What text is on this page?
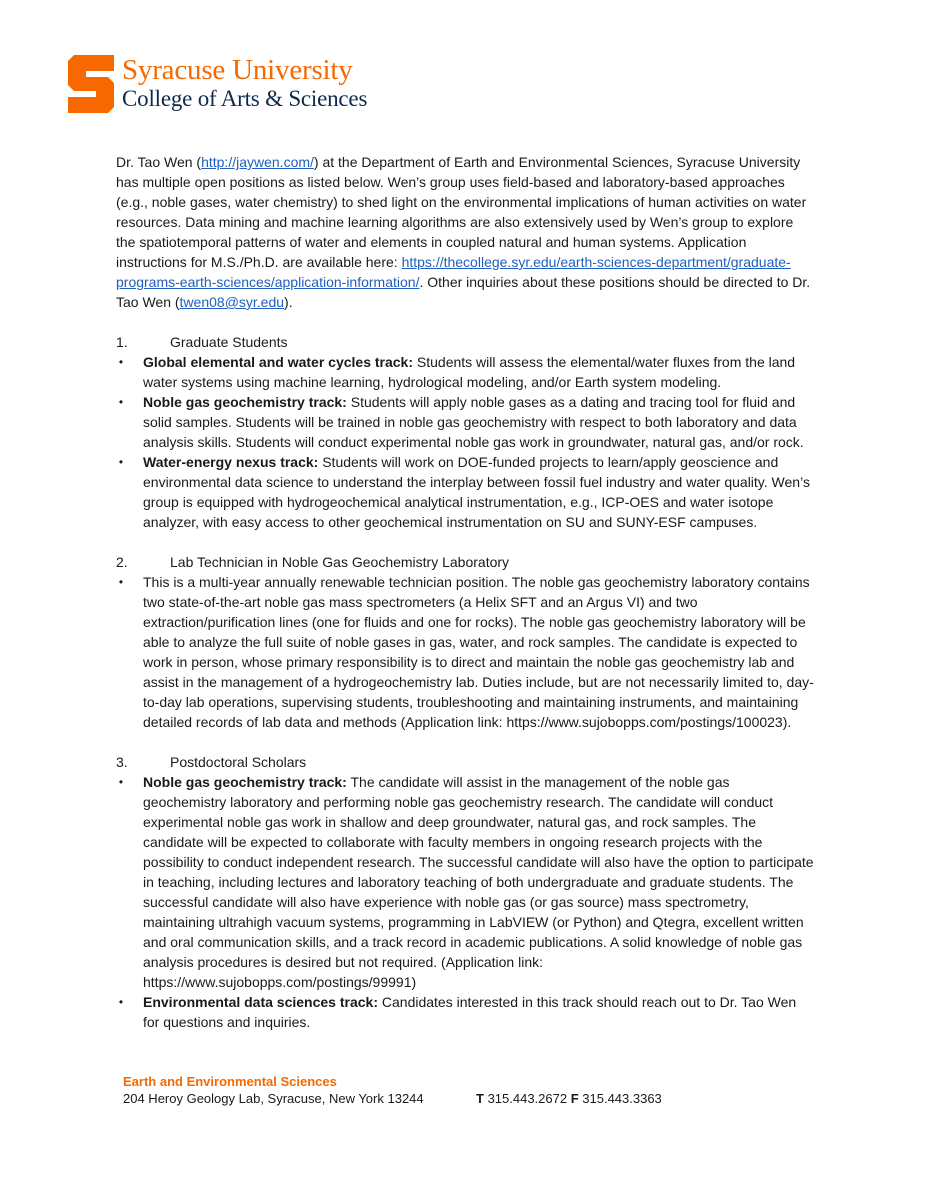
Syracuse University
College of Arts & Sciences

Dr. Tao Wen (http://jaywen.com/) at the Department of Earth and Environmental Sciences, Syracuse University has multiple open positions as listed below. Wen’s group uses field-based and laboratory-based approaches (e.g., noble gases, water chemistry) to shed light on the environmental implications of human activities on water resources. Data mining and machine learning algorithms are also extensively used by Wen’s group to explore the spatiotemporal patterns of water and elements in coupled natural and human systems. Application instructions for M.S./Ph.D. are available here: https://thecollege.syr.edu/earth-sciences-department/graduate-programs-earth-sciences/application-information/. Other inquiries about these positions should be directed to Dr. Tao Wen (twen08@syr.edu).

1.	Graduate Students
• Global elemental and water cycles track: Students will assess the elemental/water fluxes from the land water systems using machine learning, hydrological modeling, and/or Earth system modeling.
• Noble gas geochemistry track: Students will apply noble gases as a dating and tracing tool for fluid and solid samples. Students will be trained in noble gas geochemistry with respect to both laboratory and data analysis skills. Students will conduct experimental noble gas work in groundwater, natural gas, and/or rock.
• Water-energy nexus track: Students will work on DOE-funded projects to learn/apply geoscience and environmental data science to understand the interplay between fossil fuel industry and water quality. Wen’s group is equipped with hydrogeochemical analytical instrumentation, e.g., ICP-OES and water isotope analyzer, with easy access to other geochemical instrumentation on SU and SUNY-ESF campuses.
2.	Lab Technician in Noble Gas Geochemistry Laboratory
• This is a multi-year annually renewable technician position. The noble gas geochemistry laboratory contains two state-of-the-art noble gas mass spectrometers (a Helix SFT and an Argus VI) and two extraction/purification lines (one for fluids and one for rocks). The noble gas geochemistry laboratory will be able to analyze the full suite of noble gases in gas, water, and rock samples. The candidate is expected to work in person, whose primary responsibility is to direct and maintain the noble gas geochemistry lab and assist in the management of a hydrogeochemistry lab. Duties include, but are not necessarily limited to, day-to-day lab operations, supervising students, troubleshooting and maintaining instruments, and maintaining detailed records of lab data and methods (Application link: https://www.sujobopps.com/postings/100023).
3.	Postdoctoral Scholars
• Noble gas geochemistry track: The candidate will assist in the management of the noble gas geochemistry laboratory and performing noble gas geochemistry research. The candidate will conduct experimental noble gas work in shallow and deep groundwater, natural gas, and rock samples. The candidate will be expected to collaborate with faculty members in ongoing research projects with the possibility to conduct independent research. The successful candidate will also have the option to participate in teaching, including lectures and laboratory teaching of both undergraduate and graduate students. The successful candidate will also have experience with noble gas (or gas source) mass spectrometry, maintaining ultrahigh vacuum systems, programming in LabVIEW (or Python) and Qtegra, excellent written and oral communication skills, and a track record in academic publications. A solid knowledge of noble gas analysis procedures is desired but not required. (Application link: https://www.sujobopps.com/postings/99991)
• Environmental data sciences track: Candidates interested in this track should reach out to Dr. Tao Wen for questions and inquiries.
Earth and Environmental Sciences
204 Heroy Geology Lab, Syracuse, New York 13244	T 315.443.2672 F 315.443.3363
